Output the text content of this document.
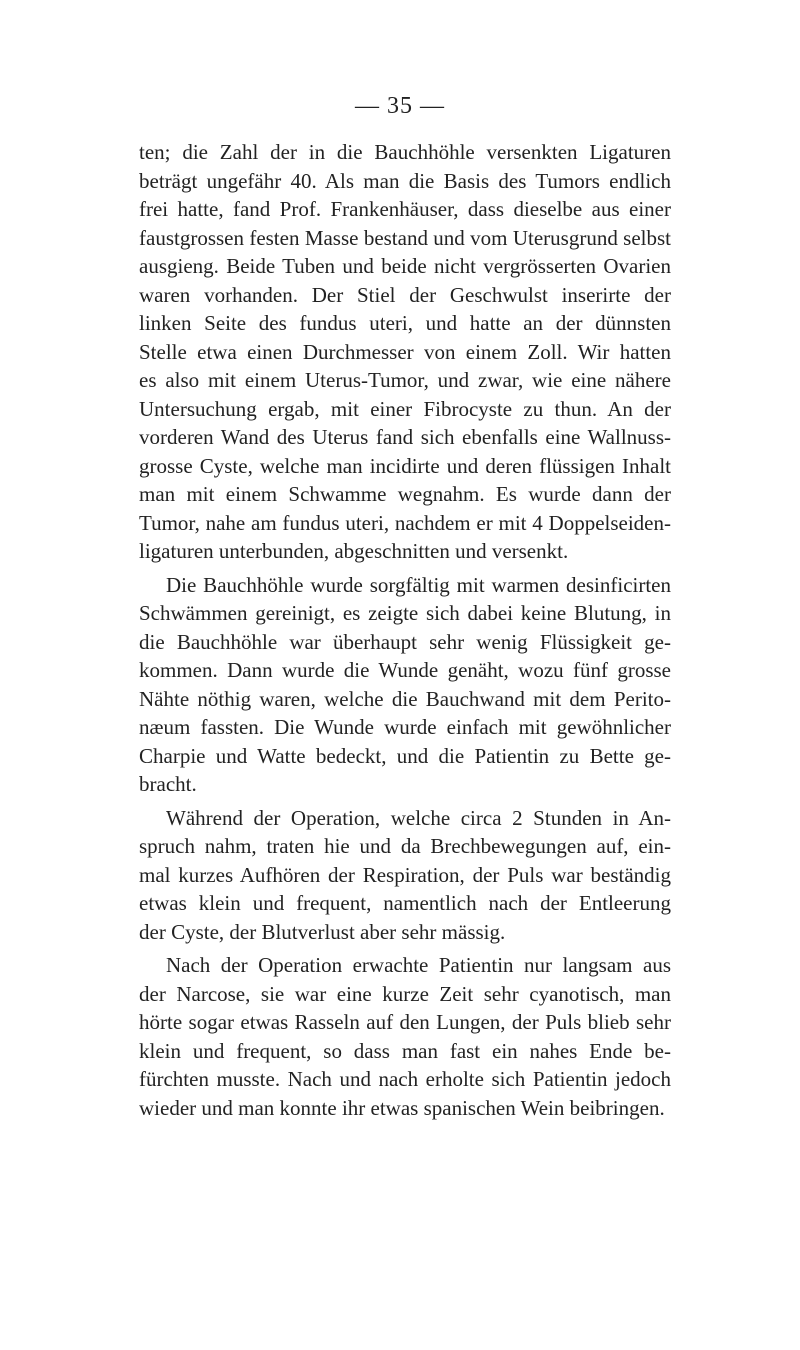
— 35 —
ten; die Zahl der in die Bauchhöhle versenkten Ligaturen
beträgt ungefähr 40. Als man die Basis des Tumors endlich
frei hatte, fand Prof. Frankenhäuser, dass dieselbe aus einer
faustgrossen festen Masse bestand und vom Uterusgrund selbst
ausgieng. Beide Tuben und beide nicht vergrösserten Ovarien
waren vorhanden. Der Stiel der Geschwulst inserirte der
linken Seite des fundus uteri, und hatte an der dünnsten
Stelle etwa einen Durchmesser von einem Zoll. Wir hatten
es also mit einem Uterus-Tumor, und zwar, wie eine nähere
Untersuchung ergab, mit einer Fibrocyste zu thun. An der
vorderen Wand des Uterus fand sich ebenfalls eine Wallnuss-
grosse Cyste, welche man incidirte und deren flüssigen Inhalt
man mit einem Schwamme wegnahm. Es wurde dann der
Tumor, nahe am fundus uteri, nachdem er mit 4 Doppelseiden-
ligaturen unterbunden, abgeschnitten und versenkt.
Die Bauchhöhle wurde sorgfältig mit warmen desinficirten
Schwämmen gereinigt, es zeigte sich dabei keine Blutung, in
die Bauchhöhle war überhaupt sehr wenig Flüssigkeit ge-
kommen. Dann wurde die Wunde genäht, wozu fünf grosse
Nähte nöthig waren, welche die Bauchwand mit dem Perito-
næum fassten. Die Wunde wurde einfach mit gewöhnlicher
Charpie und Watte bedeckt, und die Patientin zu Bette ge-
bracht.
Während der Operation, welche circa 2 Stunden in An-
spruch nahm, traten hie und da Brechbewegungen auf, ein-
mal kurzes Aufhören der Respiration, der Puls war beständig
etwas klein und frequent, namentlich nach der Entleerung
der Cyste, der Blutverlust aber sehr mässig.
Nach der Operation erwachte Patientin nur langsam aus
der Narcose, sie war eine kurze Zeit sehr cyanotisch, man
hörte sogar etwas Rasseln auf den Lungen, der Puls blieb sehr
klein und frequent, so dass man fast ein nahes Ende be-
fürchten musste. Nach und nach erholte sich Patientin jedoch
wieder und man konnte ihr etwas spanischen Wein beibringen.
